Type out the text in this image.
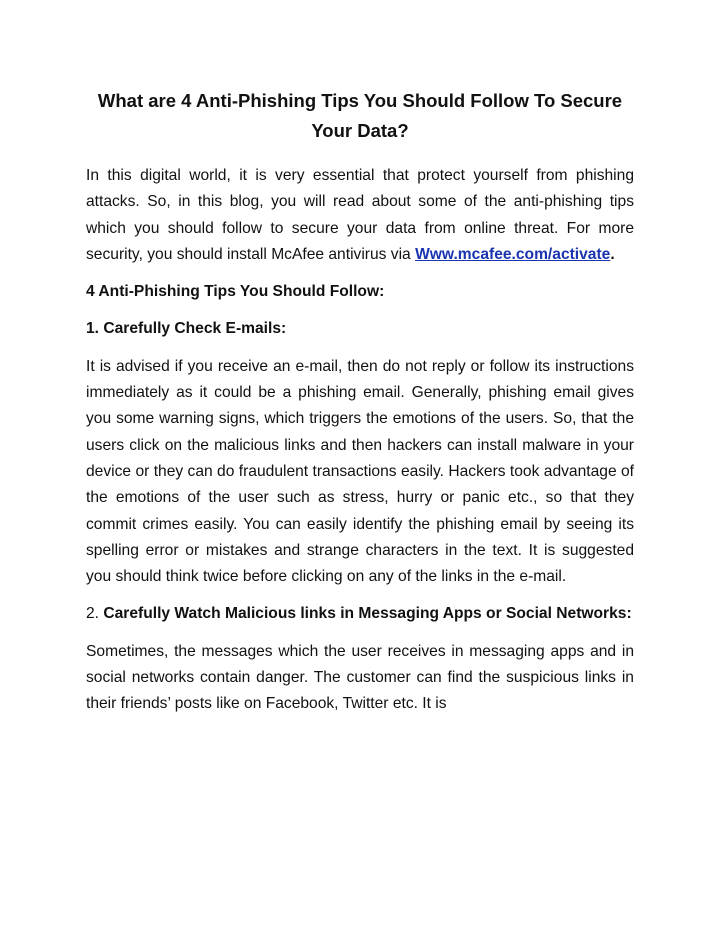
What are 4 Anti-Phishing Tips You Should Follow To Secure Your Data?

In this digital world, it is very essential that protect yourself from phishing attacks. So, in this blog, you will read about some of the anti-phishing tips which you should follow to secure your data from online threat. For more security, you should install McAfee antivirus via Www.mcafee.com/activate.

4 Anti-Phishing Tips You Should Follow:

1. Carefully Check E-mails:

It is advised if you receive an e-mail, then do not reply or follow its instructions immediately as it could be a phishing email. Generally, phishing email gives you some warning signs, which triggers the emotions of the users. So, that the users click on the malicious links and then hackers can install malware in your device or they can do fraudulent transactions easily. Hackers took advantage of the emotions of the user such as stress, hurry or panic etc., so that they commit crimes easily. You can easily identify the phishing email by seeing its spelling error or mistakes and strange characters in the text. It is suggested you should think twice before clicking on any of the links in the e-mail.

2. Carefully Watch Malicious links in Messaging Apps or Social Networks:

Sometimes, the messages which the user receives in messaging apps and in social networks contain danger. The customer can find the suspicious links in their friends’ posts like on Facebook, Twitter etc. It is
